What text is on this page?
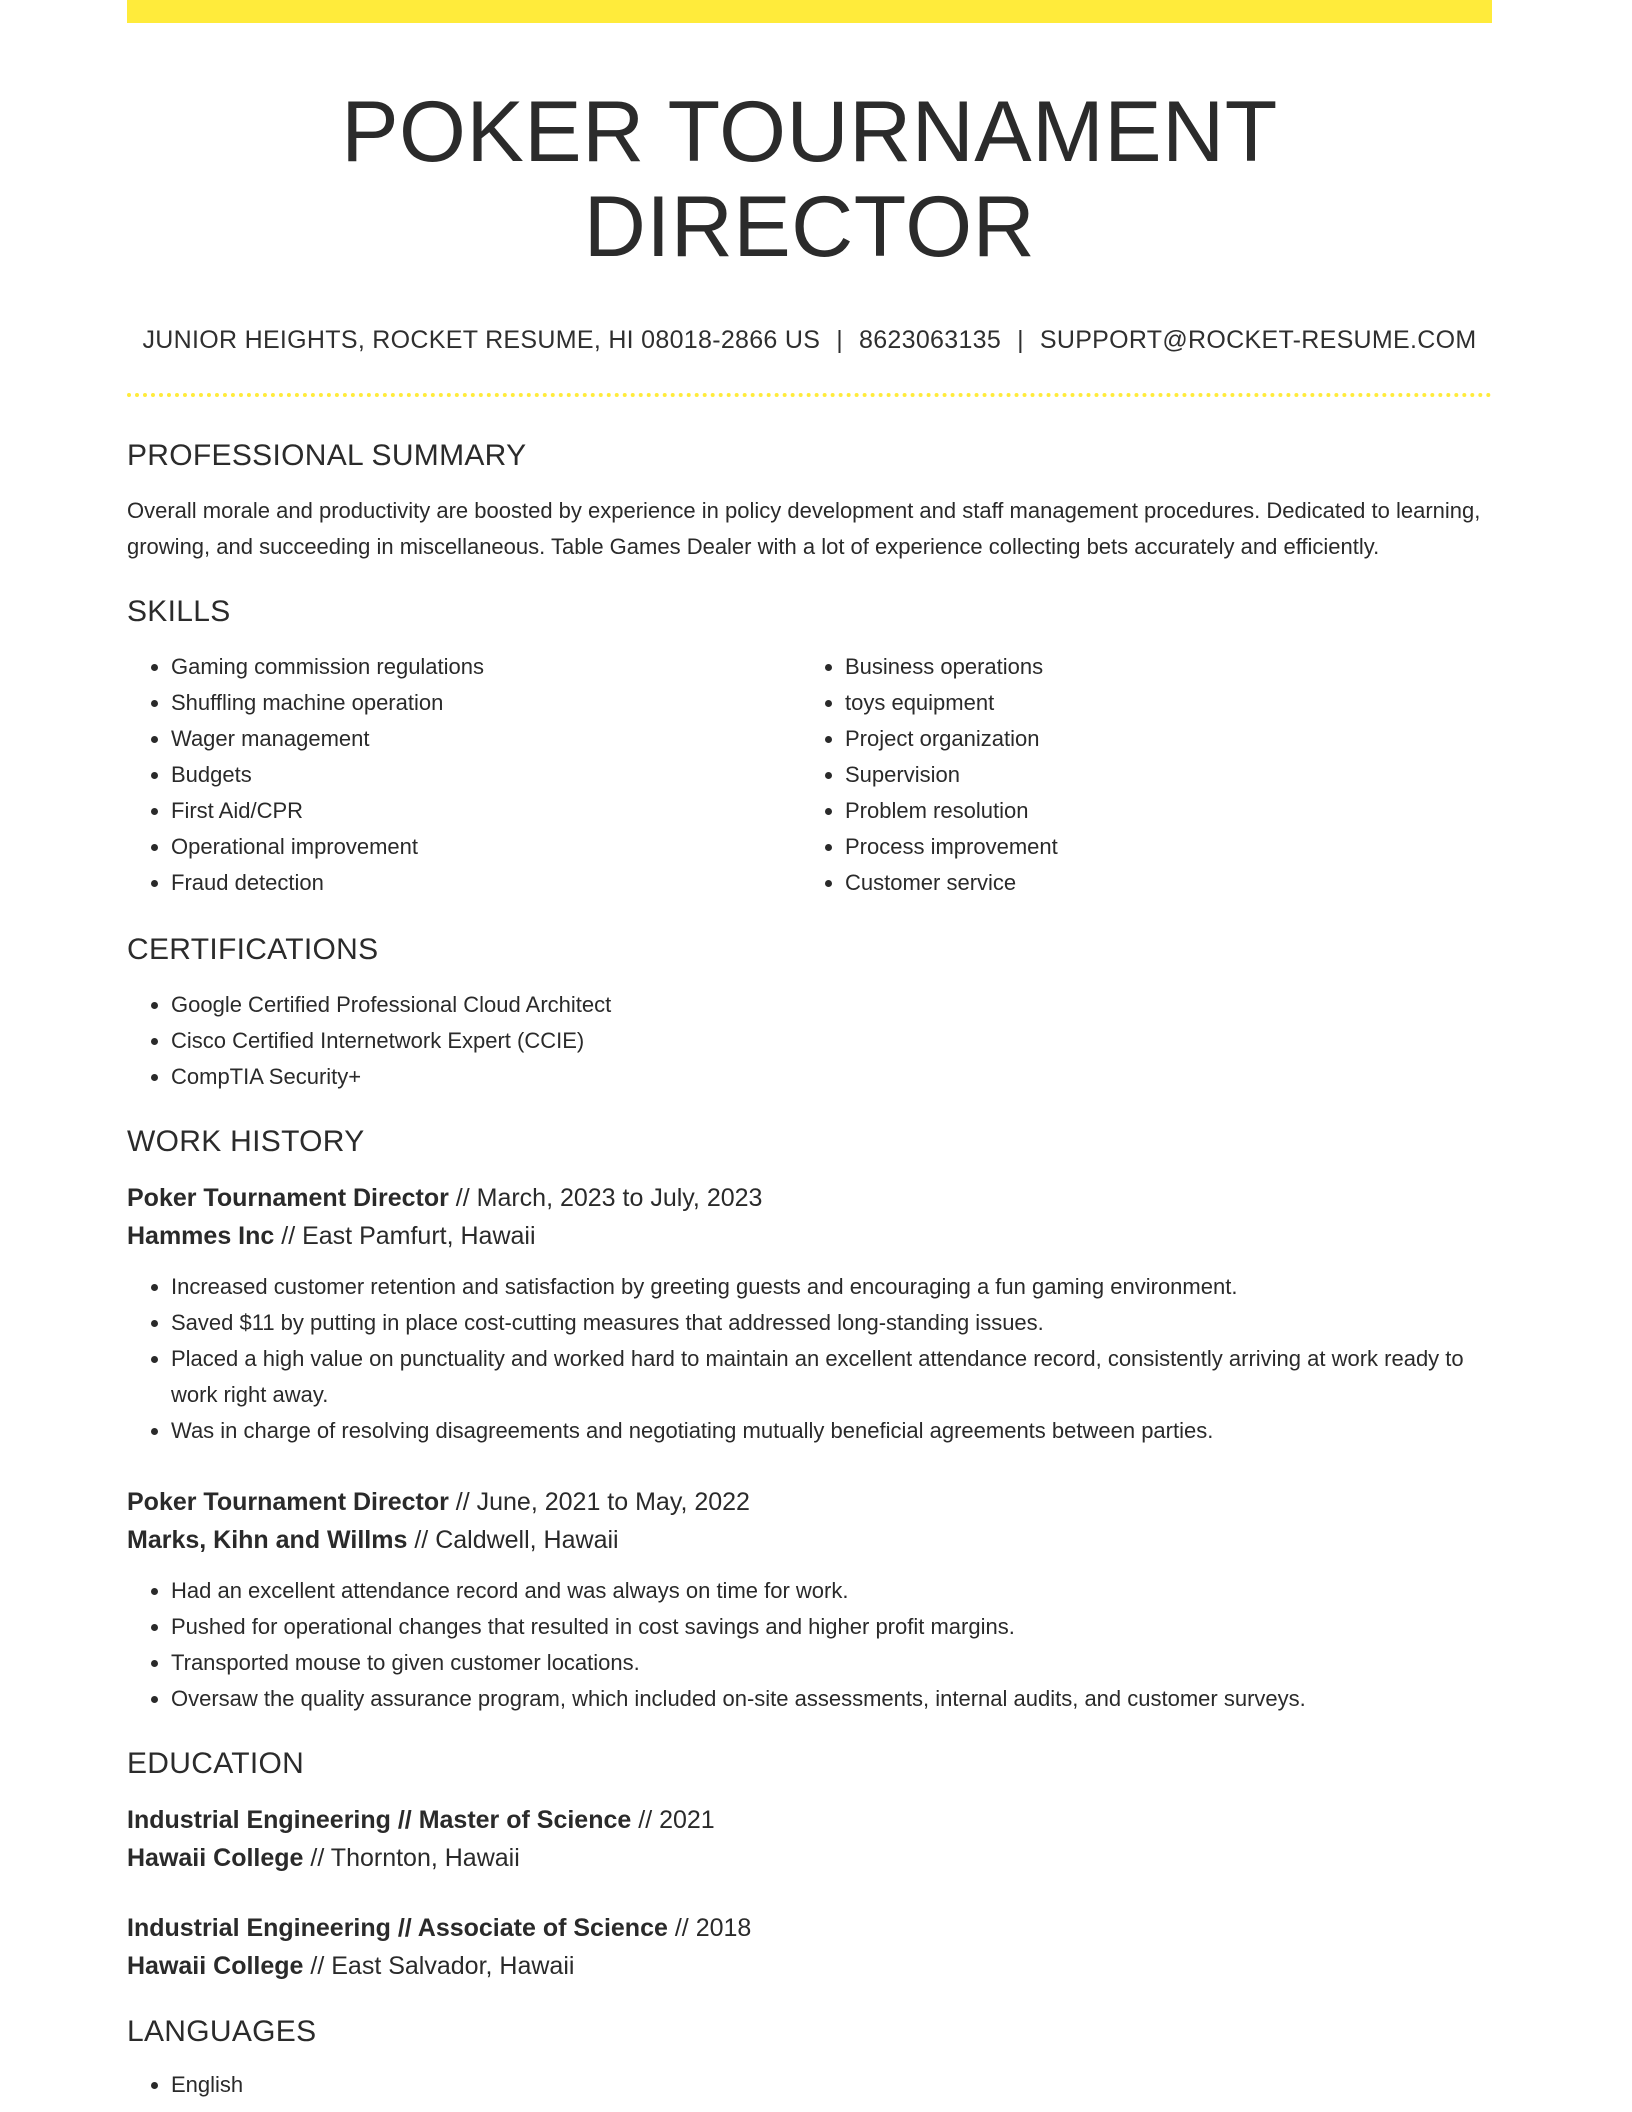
POKER TOURNAMENT DIRECTOR
JUNIOR HEIGHTS, ROCKET RESUME, HI 08018-2866 US | 8623063135 | SUPPORT@ROCKET-RESUME.COM
PROFESSIONAL SUMMARY

Overall morale and productivity are boosted by experience in policy development and staff management procedures. Dedicated to learning, growing, and succeeding in miscellaneous. Table Games Dealer with a lot of experience collecting bets accurately and efficiently.

SKILLS
• Gaming commission regulations
• Shuffling machine operation
• Wager management
• Budgets
• First Aid/CPR
• Operational improvement
• Fraud detection
• Business operations
• toys equipment
• Project organization
• Supervision
• Problem resolution
• Process improvement
• Customer service
CERTIFICATIONS
• Google Certified Professional Cloud Architect
• Cisco Certified Internetwork Expert (CCIE)
• CompTIA Security+
WORK HISTORY

Poker Tournament Director // March, 2023 to July, 2023

Hammes Inc // East Pamfurt, Hawaii

• Increased customer retention and satisfaction by greeting guests and encouraging a fun gaming environment.
• Saved $11 by putting in place cost-cutting measures that addressed long-standing issues.
• Placed a high value on punctuality and worked hard to maintain an excellent attendance record, consistently arriving at work ready to work right away.
• Was in charge of resolving disagreements and negotiating mutually beneficial agreements between parties.

Poker Tournament Director // June, 2021 to May, 2022

Marks, Kihn and Willms // Caldwell, Hawaii

• Had an excellent attendance record and was always on time for work.
• Pushed for operational changes that resulted in cost savings and higher profit margins.
• Transported mouse to given customer locations.
• Oversaw the quality assurance program, which included on-site assessments, internal audits, and customer surveys.
EDUCATION

Industrial Engineering // Master of Science // 2021

Hawaii College // Thornton, Hawaii

Industrial Engineering // Associate of Science // 2018

Hawaii College // East Salvador, Hawaii

LANGUAGES
• English
